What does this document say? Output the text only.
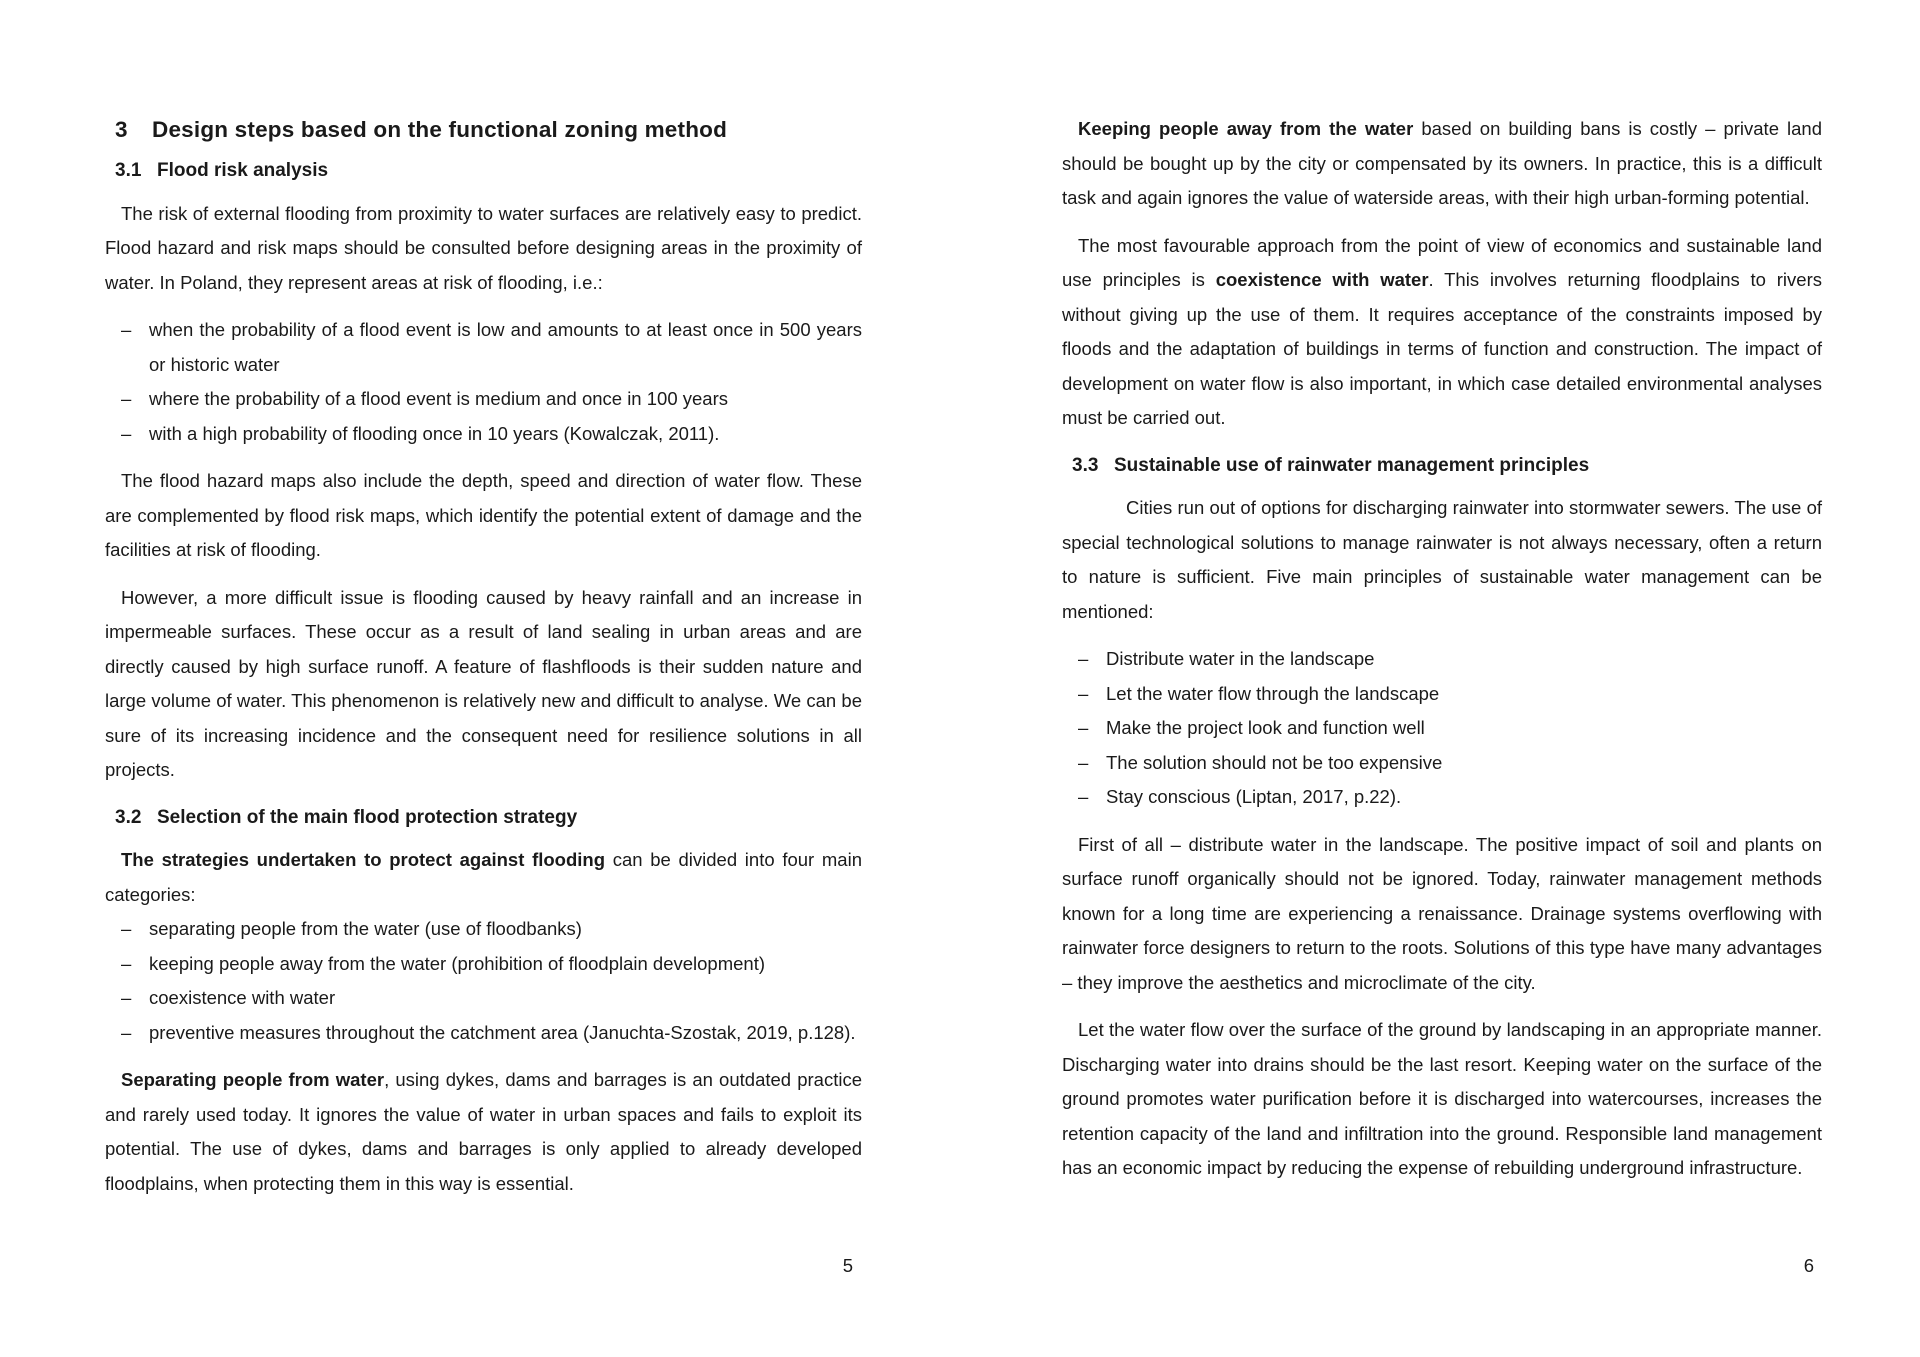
3	Design steps based on the functional zoning method
3.1 Flood risk analysis

The risk of external flooding from proximity to water surfaces are relatively easy to predict. Flood hazard and risk maps should be consulted before designing areas in the proximity of water. In Poland, they represent areas at risk of flooding, i.e.:

– when the probability of a flood event is low and amounts to at least once in 500 years or historic water
– where the probability of a flood event is medium and once in 100 years
– with a high probability of flooding once in 10 years (Kowalczak, 2011).

The flood hazard maps also include the depth, speed and direction of water flow. These are complemented by flood risk maps, which identify the potential extent of damage and the facilities at risk of flooding.

However, a more difficult issue is flooding caused by heavy rainfall and an increase in impermeable surfaces. These occur as a result of land sealing in urban areas and are directly caused by high surface runoff. A feature of flashfloods is their sudden nature and large volume of water. This phenomenon is relatively new and difficult to analyse. We can be sure of its increasing incidence and the consequent need for resilience solutions in all projects.

3.2 Selection of the main flood protection strategy

The strategies undertaken to protect against flooding can be divided into four main categories:

– separating people from the water (use of floodbanks)
– keeping people away from the water (prohibition of floodplain development)
– coexistence with water
– preventive measures throughout the catchment area (Januchta-Szostak, 2019, p.128).

Separating people from water, using dykes, dams and barrages is an outdated practice and rarely used today. It ignores the value of water in urban spaces and fails to exploit its potential. The use of dykes, dams and barrages is only applied to already developed floodplains, when protecting them in this way is essential.

Keeping people away from the water based on building bans is costly – private land should be bought up by the city or compensated by its owners. In practice, this is a difficult task and again ignores the value of waterside areas, with their high urban-forming potential.

The most favourable approach from the point of view of economics and sustainable land use principles is coexistence with water. This involves returning floodplains to rivers without giving up the use of them. It requires acceptance of the constraints imposed by floods and the adaptation of buildings in terms of function and construction. The impact of development on water flow is also important, in which case detailed environmental analyses must be carried out.

3.3 Sustainable use of rainwater management principles

Cities run out of options for discharging rainwater into stormwater sewers. The use of special technological solutions to manage rainwater is not always necessary, often a return to nature is sufficient. Five main principles of sustainable water management can be mentioned:

– Distribute water in the landscape
– Let the water flow through the landscape
– Make the project look and function well
– The solution should not be too expensive
– Stay conscious (Liptan, 2017, p.22).

First of all – distribute water in the landscape. The positive impact of soil and plants on surface runoff organically should not be ignored. Today, rainwater management methods known for a long time are experiencing a renaissance. Drainage systems overflowing with rainwater force designers to return to the roots. Solutions of this type have many advantages – they improve the aesthetics and microclimate of the city.

Let the water flow over the surface of the ground by landscaping in an appropriate manner. Discharging water into drains should be the last resort. Keeping water on the surface of the ground promotes water purification before it is discharged into watercourses, increases the retention capacity of the land and infiltration into the ground. Responsible land management has an economic impact by reducing the expense of rebuilding underground infrastructure.

5	6
